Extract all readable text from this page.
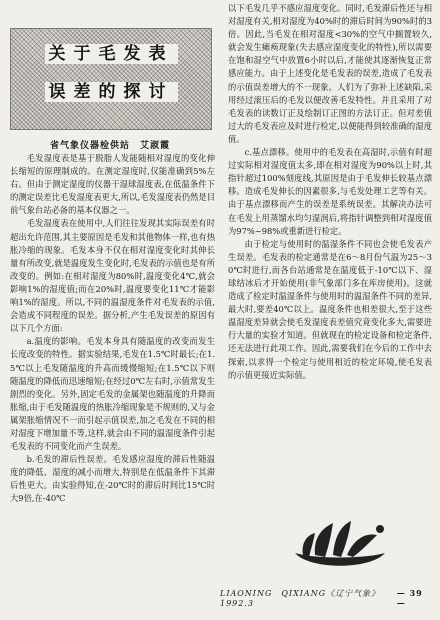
关于毛发表
误差的探讨
省气象仪器检供站　艾淑霞

毛发湿度表是基于脱脂人发能随相对湿度的变化伸长缩短的原理制成的。在测定湿度时,仅能准确到5%左右。但由于测定湿度的仪器干湿球湿度表,在低温条件下的测定误差比毛发湿度表更大,所以,毛发湿度表仍然是目前气象台站必备的基本仪器之一。

毛发湿度表在使用中,人们往往发现其实际误差有时超出允许范围,其主要原因是毛发和其他物体一样,也有热胀冷缩的现象。毛发本身不仅在相对湿度变化时其伸长量有所改变,就是温度发生变化时,毛发表的示值也是有所改变的。例如:在相对湿度为80%时,温度变化4℃,就会影响1%的湿度值;而在20%时,温度要变化11℃才能影响1%的湿度。所以,不同的温湿度条件对毛发表的示值,会造成不同程度的误差。据分析,产生毛发误差的原因有以下几个方面:

a.温度的影响。毛发本身具有随温度的改变而发生长度改变的特性。据实验结果,毛发在1.5℃时最长;在1.5℃以上毛发随温度的升高而缓慢缩短;在1.5℃以下则随温度的降低而迅速缩短;在经过0℃左右时,示值常发生剧烈的变化。另外,固定毛发的金属架也随温度的升降而胀缩,由于毛发随温度的热胀冷缩现象是不规则的,又与金属架胀缩情况不一而引起示值误差,加之毛发在不同的相对湿度下增加量不等,这样,就会由不同的温湿度条件引起毛发表的不同变化而产生误差。

b.毛发的滞后性误差。毛发感应湿度的滞后性随温度的降低、湿度的减小而增大,特别是在低温条件下其滞后性更大。由实验得知,在-20℃时的滞后时间比15℃时大9倍,在-40℃

以下毛发几乎不感应湿度变化。同时,毛发滞后性还与相对湿度有关,相对湿度为40%时的滞后时间为90%时的3倍。因此,当毛发在相对湿度<30%的空气中搁置较久,就会发生瘫痪现象(失去感应湿度变化的特性),所以需要在饱和湿空气中放置6小时以后,才能使其逐渐恢复正常感应能力。由于上述变化是毛发表的误差,造成了毛发表的示值误差增大的不一现象。人们为了弥补上述缺陷,采用经过滚压后的毛发以便改善毛发特性。并且采用了对毛发表的读数订正及绘制订正图的方法订正。但对差值过大的毛发表应及时进行检定,以便能得到较准确的湿度值。

c.基点漂移。使用中的毛发表在高湿时,示值有时超过实际相对湿度值太多,即在相对湿度为90%以上时,其指针超过100%刻度线,其原因是由于毛发伸长较基点漂移。造成毛发伸长的因素很多,与毛发处理工艺等有关。由于基点漂移而产生的误差是系统误差。其解决办法可在毛发上用蒸馏水均匀湿润后,将指针调整到相对湿度值为97%~98%或重新进行检定。

由于检定与使用时的温湿条件不同也会使毛发表产生误差。毛发表的检定通常是在6～8月份气温为25～30℃时进行,而各台站通常是在温度低于-10℃以下、湿球结冰后才开始使用(非气象部门多在库房使用)。这就造成了检定时温湿条件与使用时的温湿条件不同的差异,最大时,要差40℃以上。温度条件也相差很大,至于这些温湿度差异就会使毛发湿度表差值究竟变化多大,需要进行大量的实验才知道。但就现在的检定设备和检定条件,还无法进行此项工作。因此,需要我们在今后的工作中去探索,以求得一个检定与使用相近的检定环境,使毛发表的示值更接近实际值。

LIAONING　QIXIANG《辽宁气象》1992.3
— 39 —
